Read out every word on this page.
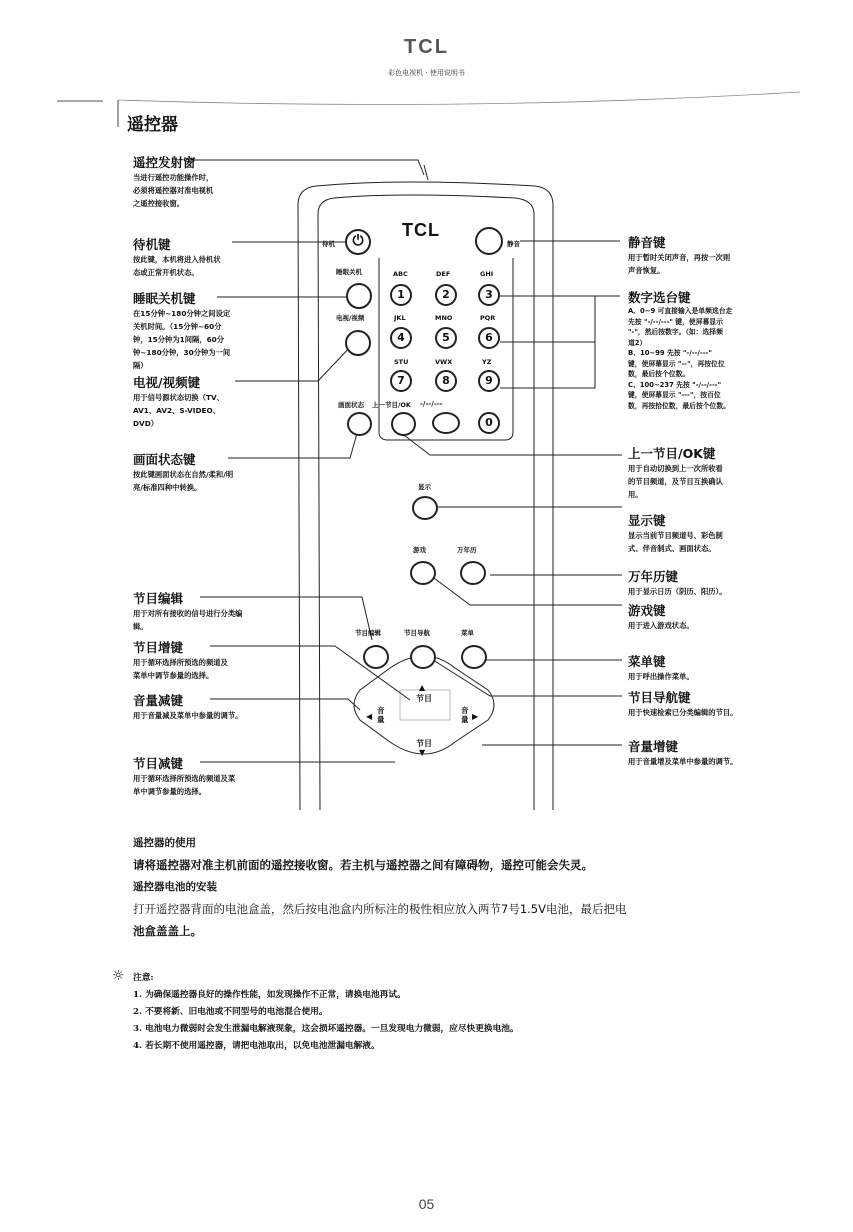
TCL
彩色电视机 · 使用说明书
遥控器
TCL
待机	⏻	静音
睡眠关机
电视/视频
ABC	DEF	GHI
JKL	MNO	PQR
STU	VWX	YZ
1	2	3
4	5	6
7	8	9
0
画面状态 上一节目/OK -/--/---
显示
游戏	万年历
节目编辑	节目导航	菜单
▲
节目
节目
▼
◀
音量
音量 ▶
遥控发射窗
当进行遥控功能操作时，
必须将遥控器对准电视机
之遥控接收窗。
待机键
按此键，本机将进入待机状
态或正常开机状态。
睡眠关机键
在15分钟~180分钟之间设定
关机时间。（15分钟~60分
钟，15分钟为1间隔，60分
钟~180分钟，30分钟为一间
隔）
电视/视频键
用于信号源状态切换（TV、
AV1、AV2、S-VIDEO、
DVD）
画面状态键
按此键画面状态在自然/柔和/明
亮/标准四种中转换。
节目编辑
用于对所有接收的信号进行分类编
辑。
节目增键
用于循环选择所预选的频道及
菜单中调节参量的选择。
音量减键
用于音量减及菜单中参量的调节。
节目减键
用于循环选择所预选的频道及菜
单中调节参量的选择。
静音键
用于暂时关闭声音，再按一次则
声音恢复。
数字选台键
A、0~9 可直接输入是单频选台走
先按 "-/--/---" 键，使屏幕显示
"-"，然后按数字。（如：选择频
道2）
B、10~99 先按 "-/--/---"
键，使屏幕显示 "--"，再按位位
数，最后按个位数。
C、100~237 先按 "-/--/---"
键，使屏幕显示 "---"，按百位
数，再按拾位数，最后按个位数。
上一节目/OK键
用于自动切换到上一次所收看
的节目频道，及节目互换确认
用。
显示键
显示当前节目频道号、彩色制
式、伴音制式、画面状态。
万年历键
用于显示日历（阴历、阳历）。
游戏键
用于进入游戏状态。
菜单键
用于呼出操作菜单。
节目导航键
用于快速检索已分类编辑的节目。
音量增键
用于音量增及菜单中参量的调节。
遥控器的使用
请将遥控器对准主机前面的遥控接收窗。若主机与遥控器之间有障碍物，遥控可能会失灵。
遥控器电池的安装
打开遥控器背面的电池盒盖，然后按电池盒内所标注的极性相应放入两节7号1.5V电池，最后把电
池盒盖盖上。
☼ 注意:
1. 为确保遥控器良好的操作性能，如发现操作不正常，请换电池再试。
2. 不要将新、旧电池或不同型号的电池混合使用。
3. 电池电力微弱时会发生泄漏电解液现象，这会损坏遥控器。一旦发现电力微弱，应尽快更换电池。
4. 若长期不使用遥控器，请把电池取出，以免电池泄漏电解液。
05
